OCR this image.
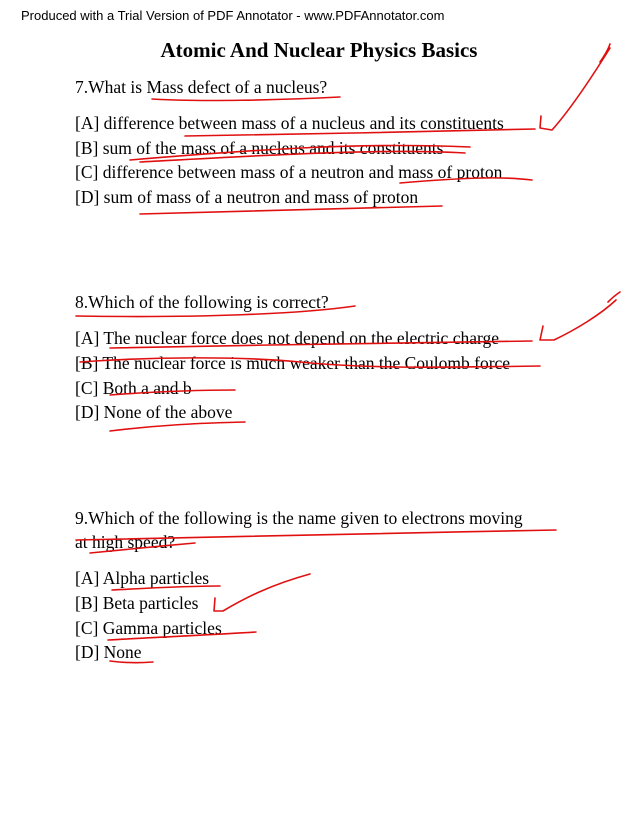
Produced with a Trial Version of PDF Annotator - www.PDFAnnotator.com
Atomic And Nuclear Physics Basics
7.What is Mass defect of a nucleus?
[A] difference between mass of a nucleus and its constituents
[B] sum of the mass of a nucleus and its constituents
[C] difference between mass of a neutron and mass of proton
[D] sum of mass of a neutron and mass of proton
8.Which of the following is correct?
[A] The nuclear force does not depend on the electric charge
[B] The nuclear force is much weaker than the Coulomb force
[C] Both a and b
[D] None of the above
9.Which of the following is the name given to electrons moving
at high speed?
[A] Alpha particles
[B] Beta particles
[C] Gamma particles
[D] None
